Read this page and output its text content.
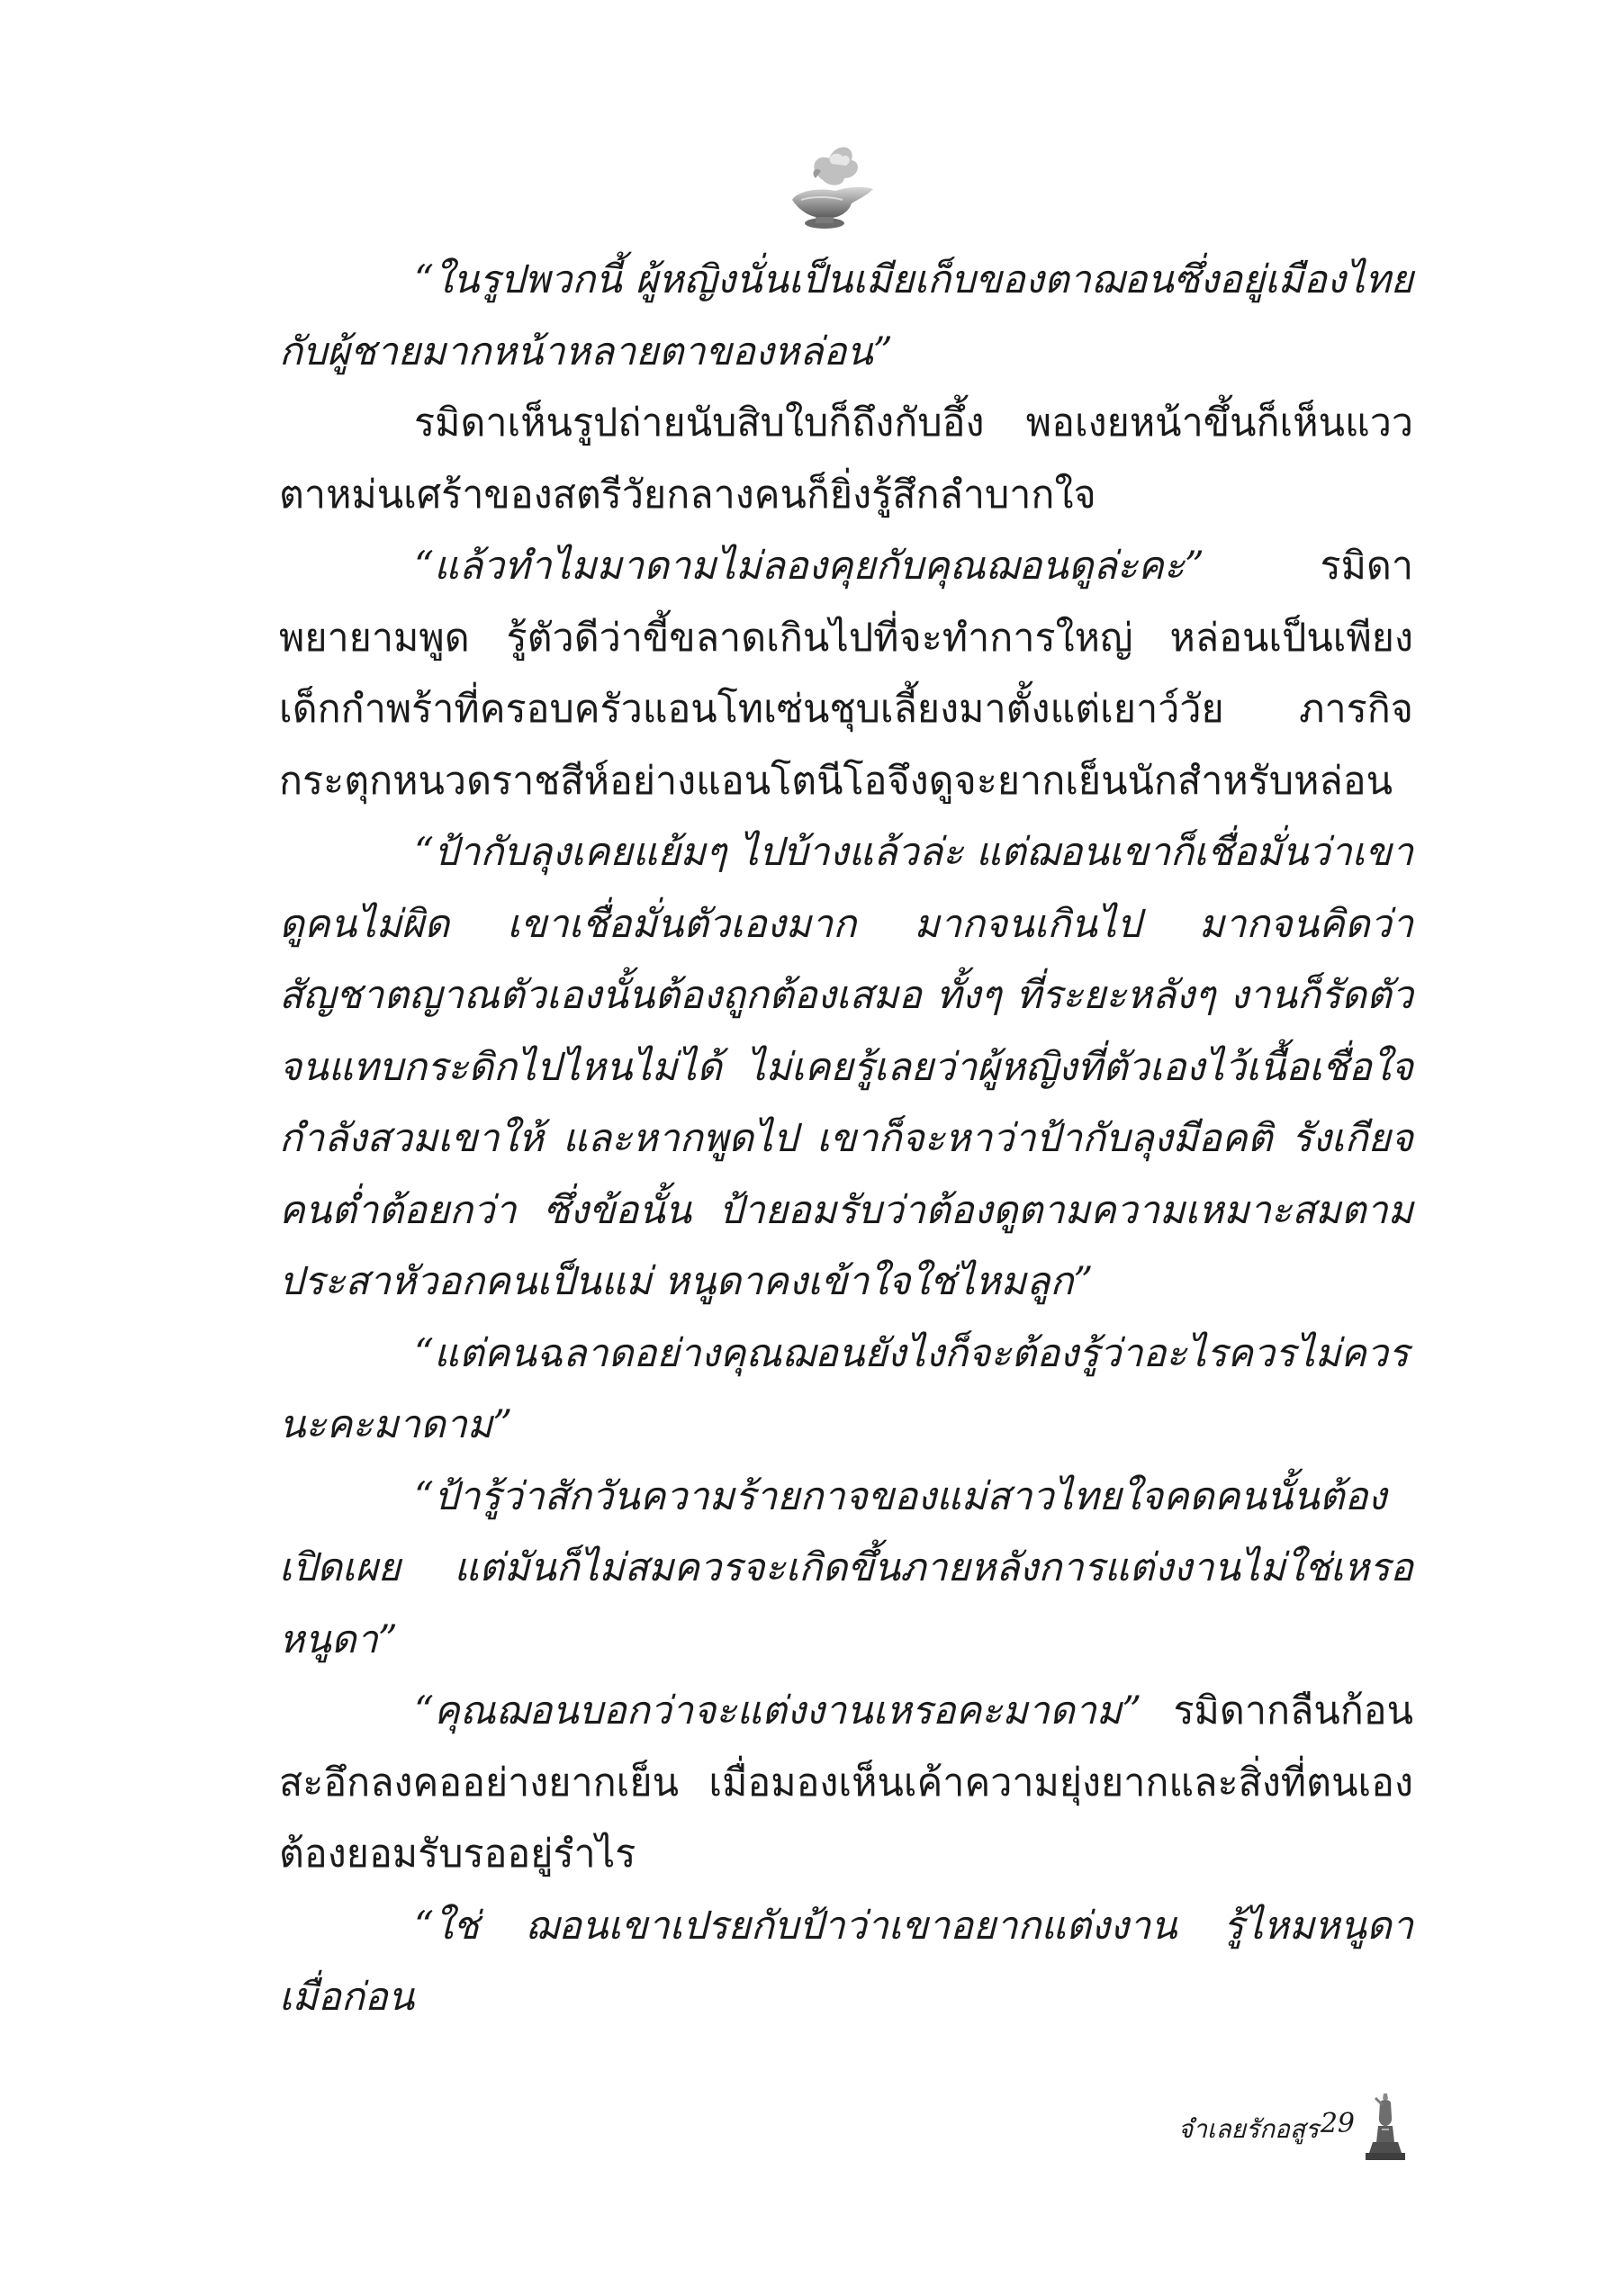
“ในรูปพวกนี้ ผู้หญิงนั่นเป็นเมียเก็บของตาฌอนซึ่งอยู่เมืองไทยกับผู้ชายมากหน้าหลายตาของหล่อน”

รมิดาเห็นรูปถ่ายนับสิบใบก็ถึงกับอึ้ง พอเงยหน้าขึ้นก็เห็นแววตาหม่นเศร้าของสตรีวัยกลางคนก็ยิ่งรู้สึกลำบากใจ

“แล้วทำไมมาดามไม่ลองคุยกับคุณฌอนดูล่ะคะ” รมิดาพยายามพูด รู้ตัวดีว่าขี้ขลาดเกินไปที่จะทำการใหญ่ หล่อนเป็นเพียงเด็กกำพร้าที่ครอบครัวแอนโทเซ่นชุบเลี้ยงมาตั้งแต่เยาว์วัย ภารกิจกระตุกหนวดราชสีห์อย่างแอนโตนีโอจึงดูจะยากเย็นนักสำหรับหล่อน

“ป้ากับลุงเคยแย้มๆ ไปบ้างแล้วล่ะ แต่ฌอนเขาก็เชื่อมั่นว่าเขาดูคนไม่ผิด เขาเชื่อมั่นตัวเองมาก มากจนเกินไป มากจนคิดว่าสัญชาตญาณตัวเองนั้นต้องถูกต้องเสมอ ทั้งๆ ที่ระยะหลังๆ งานก็รัดตัวจนแทบกระดิกไปไหนไม่ได้ ไม่เคยรู้เลยว่าผู้หญิงที่ตัวเองไว้เนื้อเชื่อใจกำลังสวมเขาให้ และหากพูดไป เขาก็จะหาว่าป้ากับลุงมีอคติ รังเกียจคนต่ำต้อยกว่า ซึ่งข้อนั้น ป้ายอมรับว่าต้องดูตามความเหมาะสมตามประสาหัวอกคนเป็นแม่ หนูดาคงเข้าใจใช่ไหมลูก”

“แต่คนฉลาดอย่างคุณฌอนยังไงก็จะต้องรู้ว่าอะไรควรไม่ควรนะคะมาดาม”

“ป้ารู้ว่าสักวันความร้ายกาจของแม่สาวไทยใจคดคนนั้นต้องเปิดเผย แต่มันก็ไม่สมควรจะเกิดขึ้นภายหลังการแต่งงานไม่ใช่เหรอหนูดา”

“คุณฌอนบอกว่าจะแต่งงานเหรอคะมาดาม” รมิดากลืนก้อนสะอึกลงคออย่างยากเย็น เมื่อมองเห็นเค้าความยุ่งยากและสิ่งที่ตนเองต้องยอมรับรออยู่รำไร

“ใช่ ฌอนเขาเปรยกับป้าว่าเขาอยากแต่งงาน รู้ไหมหนูดา เมื่อก่อน

จำเลยรักอสูร 29
